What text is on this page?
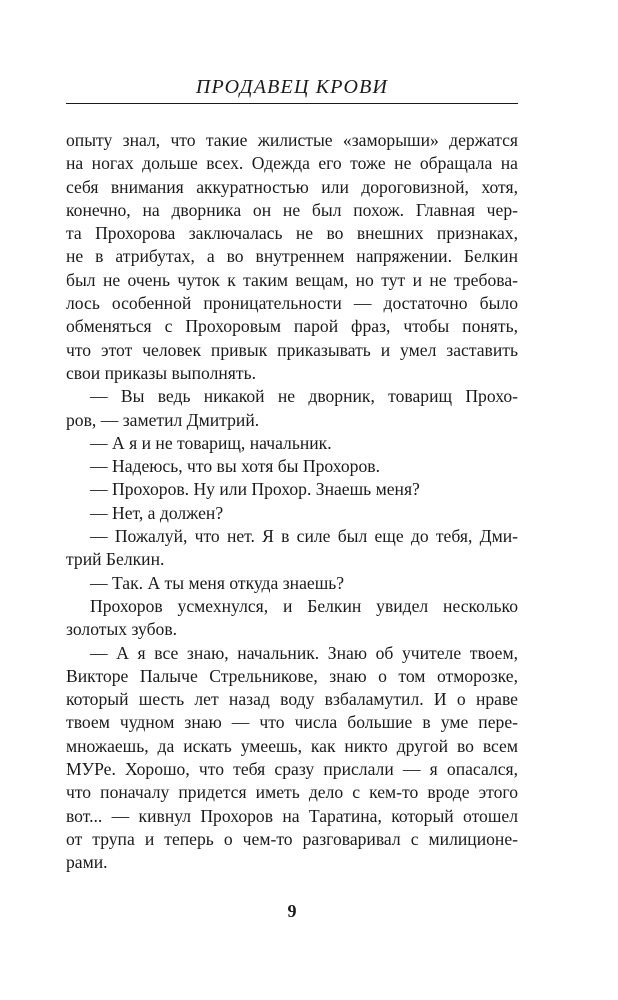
ПРОДАВЕЦ КРОВИ
опыту знал, что такие жилистые «заморыши» держатся
на ногах дольше всех. Одежда его тоже не обращала на
себя внимания аккуратностью или дороговизной, хотя,
конечно, на дворника он не был похож. Главная чер-
та Прохорова заключалась не во внешних признаках,
не в атрибутах, а во внутреннем напряжении. Белкин
был не очень чуток к таким вещам, но тут и не требова-
лось особенной проницательности — достаточно было
обменяться с Прохоровым парой фраз, чтобы понять,
что этот человек привык приказывать и умел заставить
свои приказы выполнять.
— Вы ведь никакой не дворник, товарищ Прохо-
ров, — заметил Дмитрий.
— А я и не товарищ, начальник.
— Надеюсь, что вы хотя бы Прохоров.
— Прохоров. Ну или Прохор. Знаешь меня?
— Нет, а должен?
— Пожалуй, что нет. Я в силе был еще до тебя, Дми-
трий Белкин.
— Так. А ты меня откуда знаешь?
Прохоров усмехнулся, и Белкин увидел несколько
золотых зубов.
— А я все знаю, начальник. Знаю об учителе твоем,
Викторе Палыче Стрельникове, знаю о том отморозке,
который шесть лет назад воду взбаламутил. И о нраве
твоем чудном знаю — что числа большие в уме пере-
множаешь, да искать умеешь, как никто другой во всем
МУРе. Хорошо, что тебя сразу прислали — я опасался,
что поначалу придется иметь дело с кем-то вроде этого
вот... — кивнул Прохоров на Таратина, который отошел
от трупа и теперь о чем-то разговаривал с милиционе-
рами.
9
